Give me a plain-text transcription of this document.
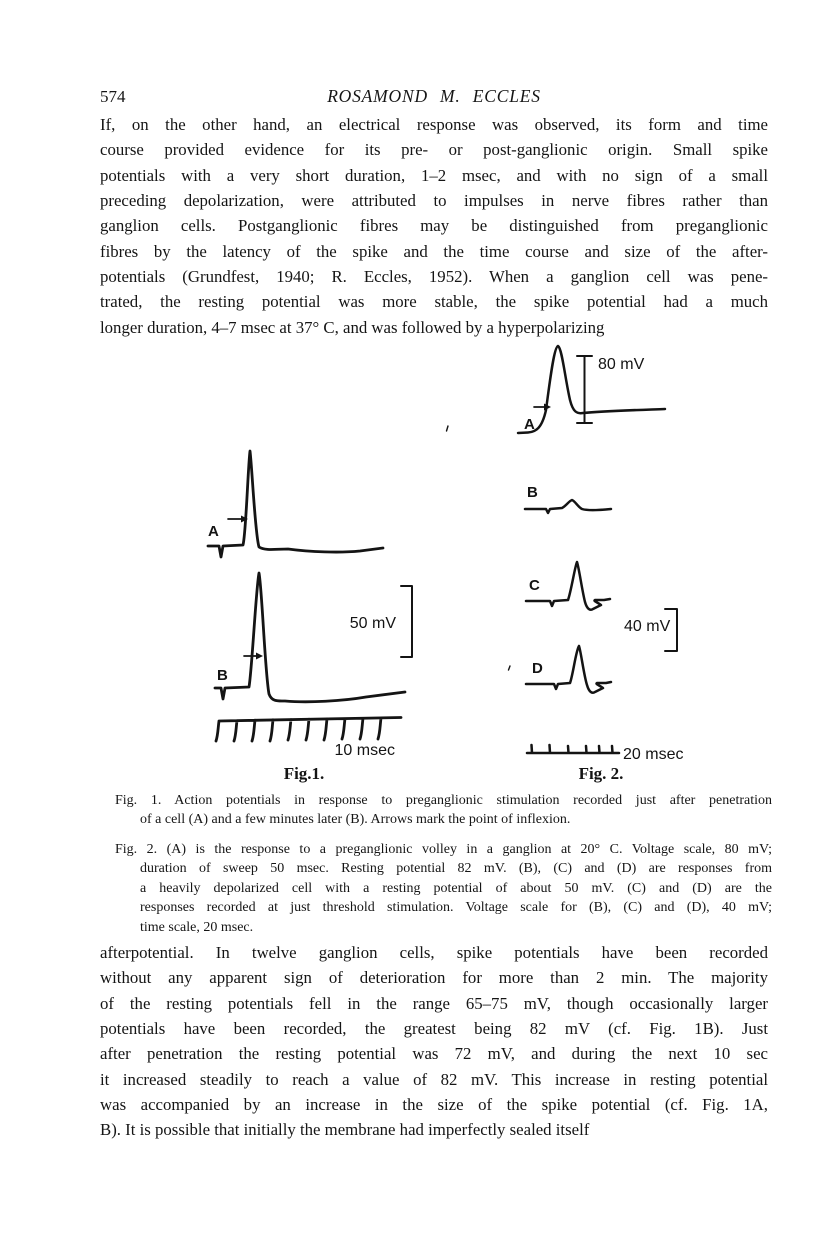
574	ROSAMOND M. ECCLES
If, on the other hand, an electrical response was observed, its form and time
course provided evidence for its pre- or post-ganglionic origin. Small spike
potentials with a very short duration, 1–2 msec, and with no sign of a small
preceding depolarization, were attributed to impulses in nerve fibres rather than
ganglion cells. Postganglionic fibres may be distinguished from preganglionic
fibres by the latency of the spike and the time course and size of the after-
potentials (Grundfest, 1940; R. Eccles, 1952). When a ganglion cell was pene-
trated, the resting potential was more stable, the spike potential had a much
longer duration, 4–7 msec at 37° C, and was followed by a hyperpolarizing
A
B
50 mV
10 msec
Fig.1.
A
80 mV
B
C
40 mV
D
20 msec
Fig. 2.
Fig. 1. Action potentials in response to preganglionic stimulation recorded just after penetration
of a cell (A) and a few minutes later (B). Arrows mark the point of inflexion.
Fig. 2. (A) is the response to a preganglionic volley in a ganglion at 20° C. Voltage scale, 80 mV;
duration of sweep 50 msec. Resting potential 82 mV. (B), (C) and (D) are responses from
a heavily depolarized cell with a resting potential of about 50 mV. (C) and (D) are the
responses recorded at just threshold stimulation. Voltage scale for (B), (C) and (D), 40 mV;
time scale, 20 msec.
afterpotential. In twelve ganglion cells, spike potentials have been recorded
without any apparent sign of deterioration for more than 2 min. The majority
of the resting potentials fell in the range 65–75 mV, though occasionally larger
potentials have been recorded, the greatest being 82 mV (cf. Fig. 1B). Just
after penetration the resting potential was 72 mV, and during the next 10 sec
it increased steadily to reach a value of 82 mV. This increase in resting potential
was accompanied by an increase in the size of the spike potential (cf. Fig. 1A,
B). It is possible that initially the membrane had imperfectly sealed itself
